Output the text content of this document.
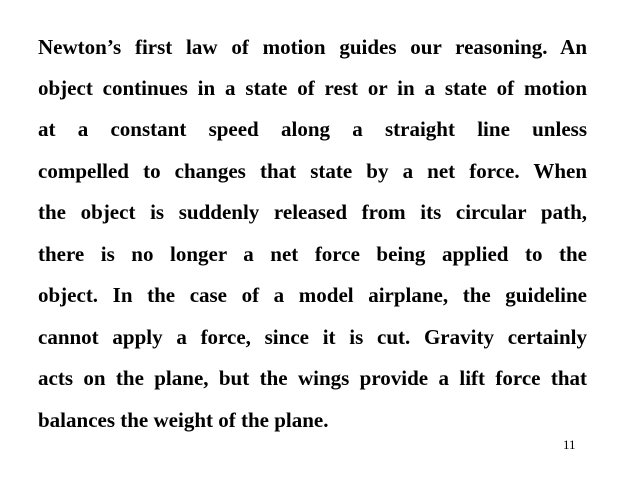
Newton’s first law of motion guides our reasoning. An
object continues in a state of rest or in a state of motion
at a constant speed along a straight line unless
compelled to changes that state by a net force. When
the object is suddenly released from its circular path,
there is no longer a net force being applied to the
object. In the case of a model airplane, the guideline
cannot apply a force, since it is cut. Gravity certainly
acts on the plane, but the wings provide a lift force that
balances the weight of the plane.
11
